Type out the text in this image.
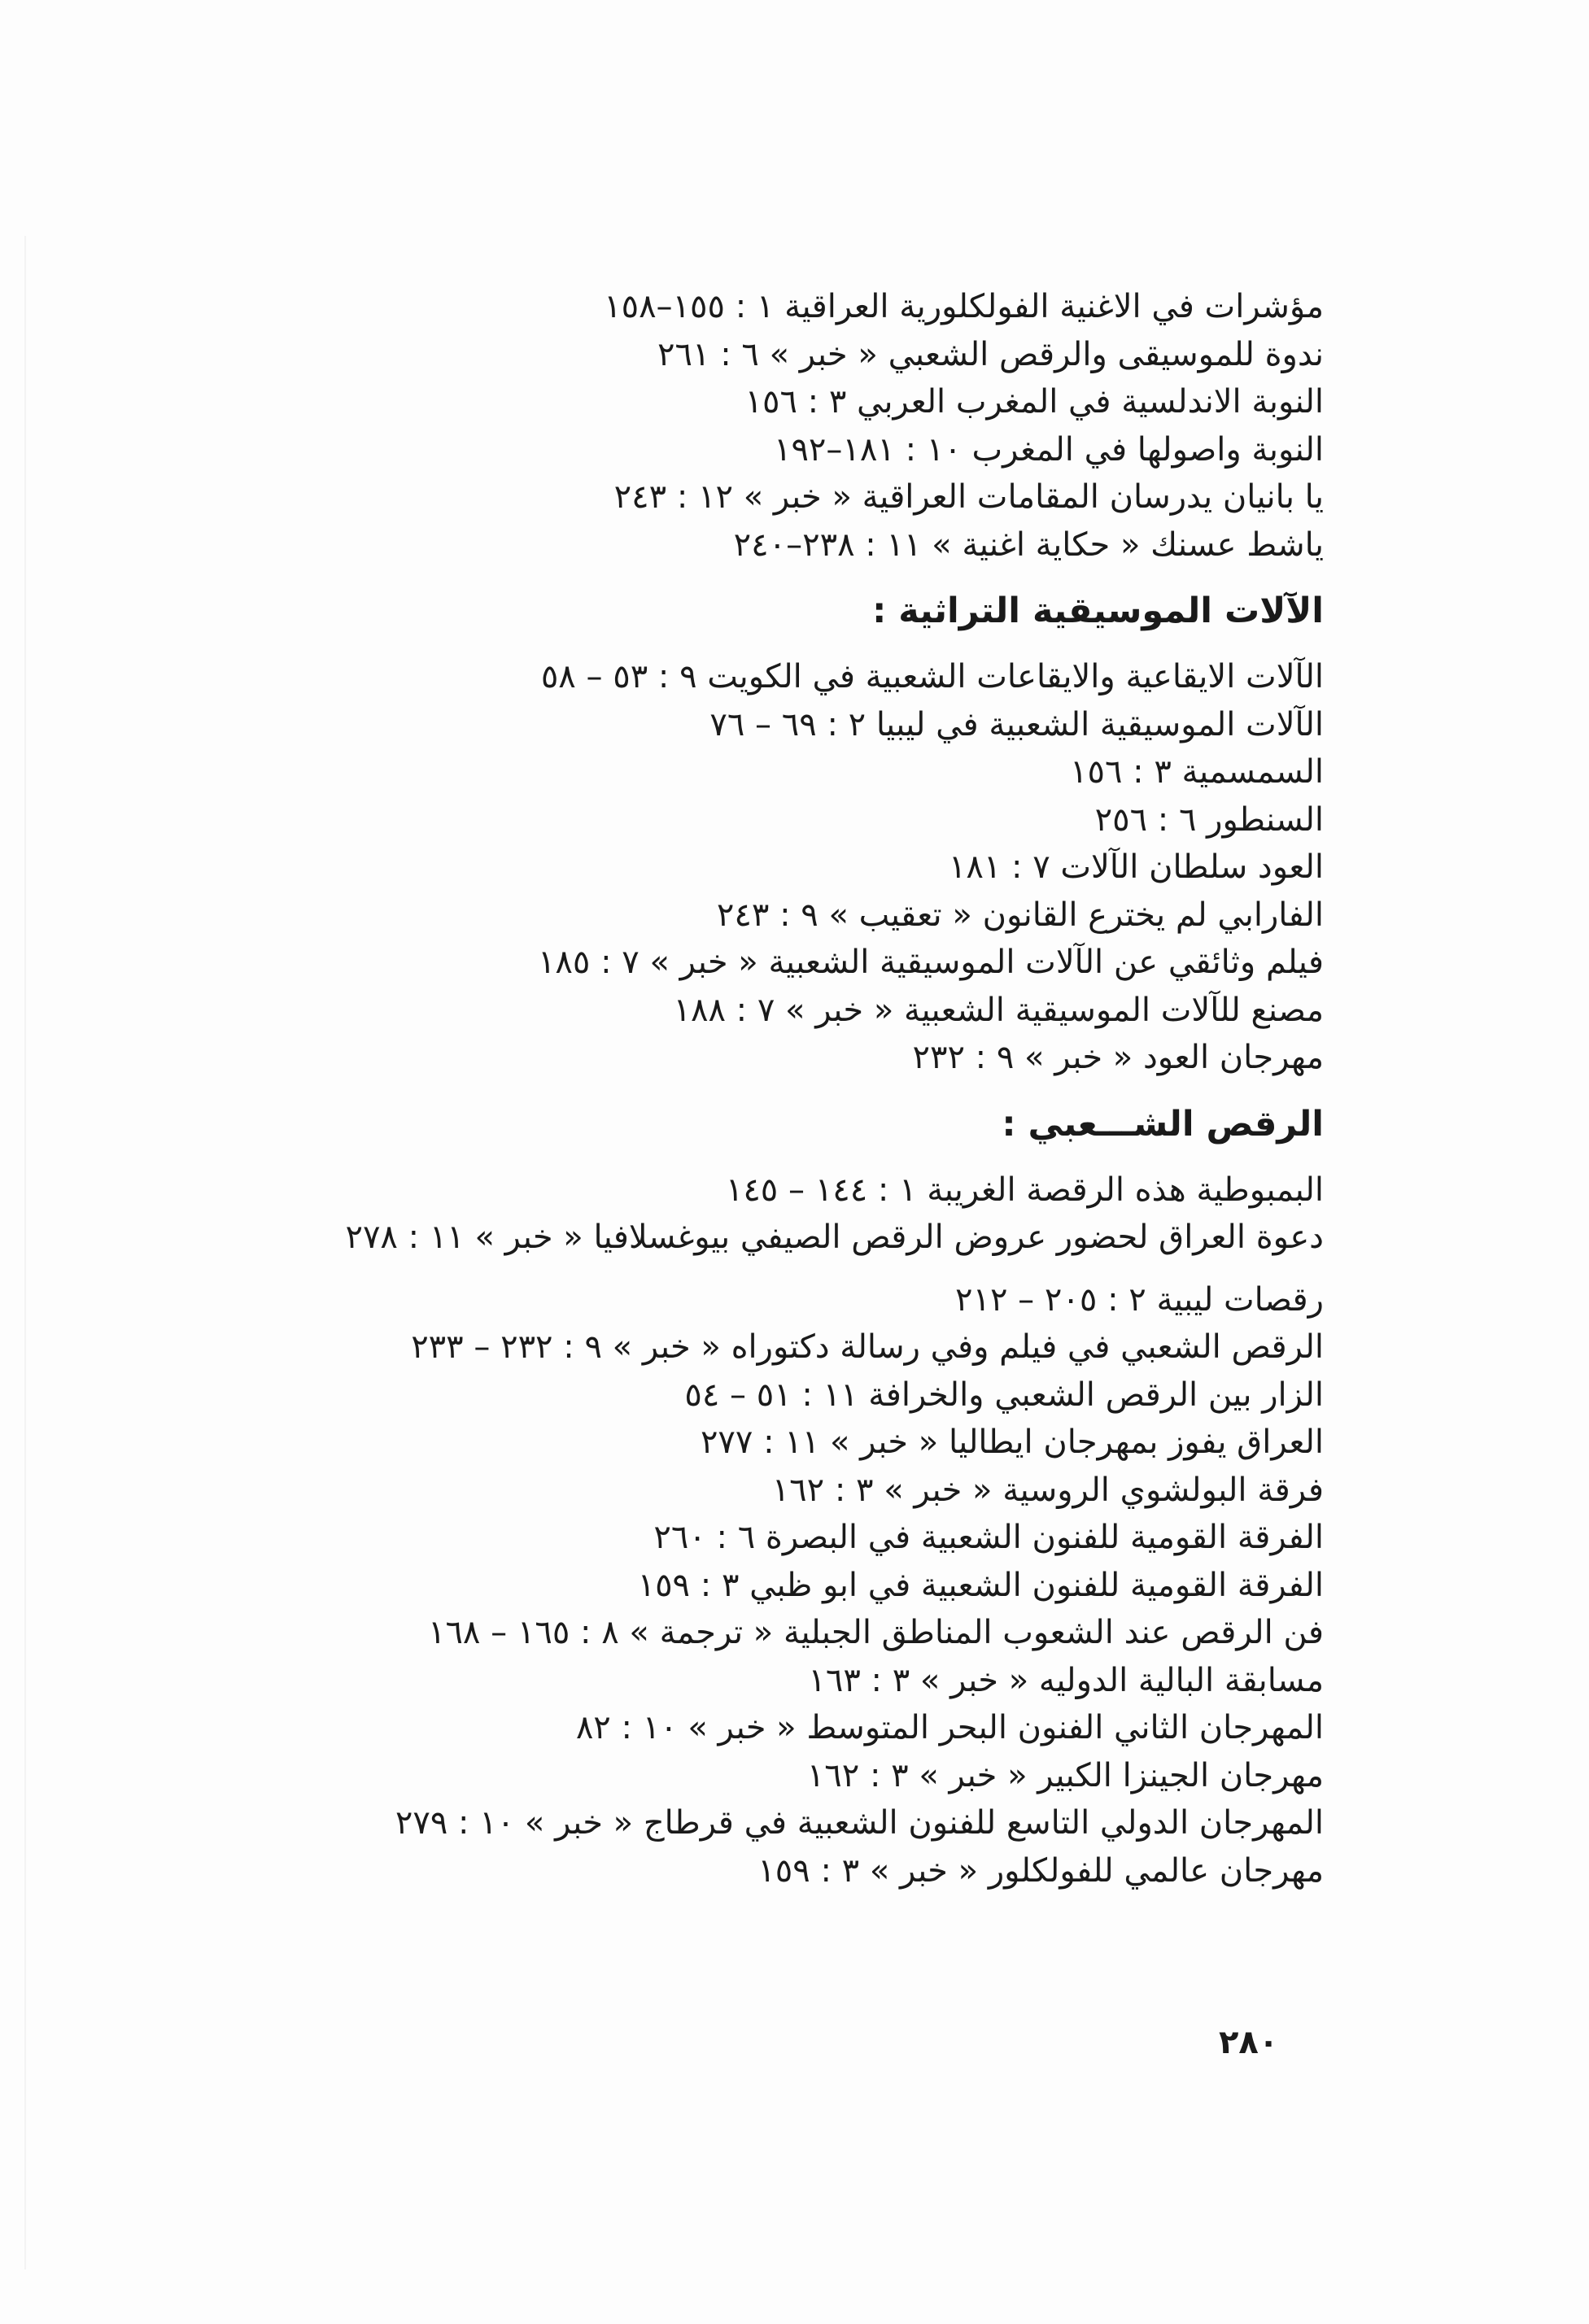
مؤشرات في الاغنية الفولكلورية العراقية ١ : ١٥٥–١٥٨
ندوة للموسيقى والرقص الشعبي « خبر » ٦ : ٢٦١
النوبة الاندلسية في المغرب العربي ٣ : ١٥٦
النوبة واصولها في المغرب ١٠ : ١٨١–١٩٢
يا بانيان يدرسان المقامات العراقية « خبر » ١٢ : ٢٤٣
ياشط عسنك « حكاية اغنية » ١١ : ٢٣٨–٢٤٠
الآلات الموسيقية التراثية :
الآلات الايقاعية والايقاعات الشعبية في الكويت ٩ : ٥٣ – ٥٨
الآلات الموسيقية الشعبية في ليبيا ٢ : ٦٩ – ٧٦
السمسمية ٣ : ١٥٦
السنطور ٦ : ٢٥٦
العود سلطان الآلات ٧ : ١٨١
الفارابي لم يخترع القانون « تعقيب » ٩ : ٢٤٣
فيلم وثائقي عن الآلات الموسيقية الشعبية « خبر » ٧ : ١٨٥
مصنع للآلات الموسيقية الشعبية « خبر » ٧ : ١٨٨
مهرجان العود « خبر » ٩ : ٢٣٢
الرقص الشـــعبي :
البمبوطية هذه الرقصة الغريبة ١ : ١٤٤ – ١٤٥
دعوة العراق لحضور عروض الرقص الصيفي بيوغسلافيا « خبر » ١١ : ٢٧٨
رقصات ليبية ٢ : ٢٠٥ – ٢١٢
الرقص الشعبي في فيلم وفي رسالة دكتوراه « خبر » ٩ : ٢٣٢ – ٢٣٣
الزار بين الرقص الشعبي والخرافة ١١ : ٥١ – ٥٤
العراق يفوز بمهرجان ايطاليا « خبر » ١١ : ٢٧٧
فرقة البولشوي الروسية « خبر » ٣ : ١٦٢
الفرقة القومية للفنون الشعبية في البصرة ٦ : ٢٦٠
الفرقة القومية للفنون الشعبية في ابو ظبي ٣ : ١٥٩
فن الرقص عند الشعوب المناطق الجبلية « ترجمة » ٨ : ١٦٥ – ١٦٨
مسابقة البالية الدوليه « خبر » ٣ : ١٦٣
المهرجان الثاني الفنون البحر المتوسط « خبر » ١٠ : ٨٢
مهرجان الجينزا الكبير « خبر » ٣ : ١٦٢
المهرجان الدولي التاسع للفنون الشعبية في قرطاج « خبر » ١٠ : ٢٧٩
مهرجان عالمي للفولكلور « خبر » ٣ : ١٥٩
٢٨٠
